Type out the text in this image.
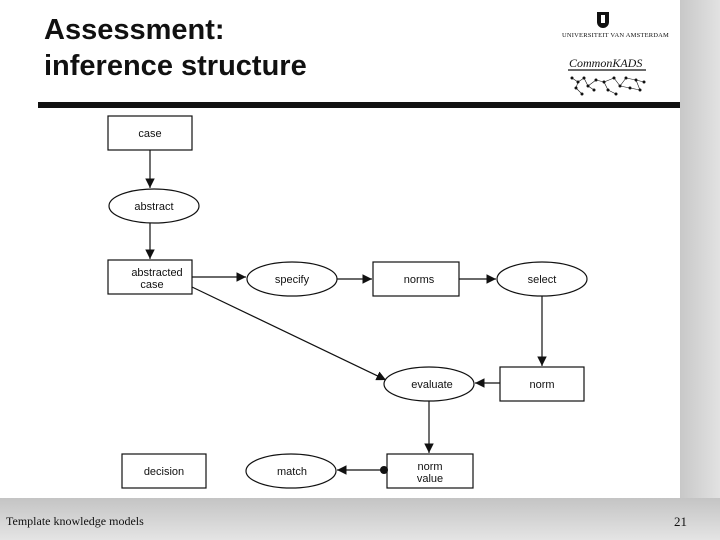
Assessment:
inference structure
UNIVERSITEIT VAN AMSTERDAM
CommonKADS
case
abstract
abstracted
case	specify	norms	select
evaluate	norm
decision	match	norm
value
Template knowledge models	21
